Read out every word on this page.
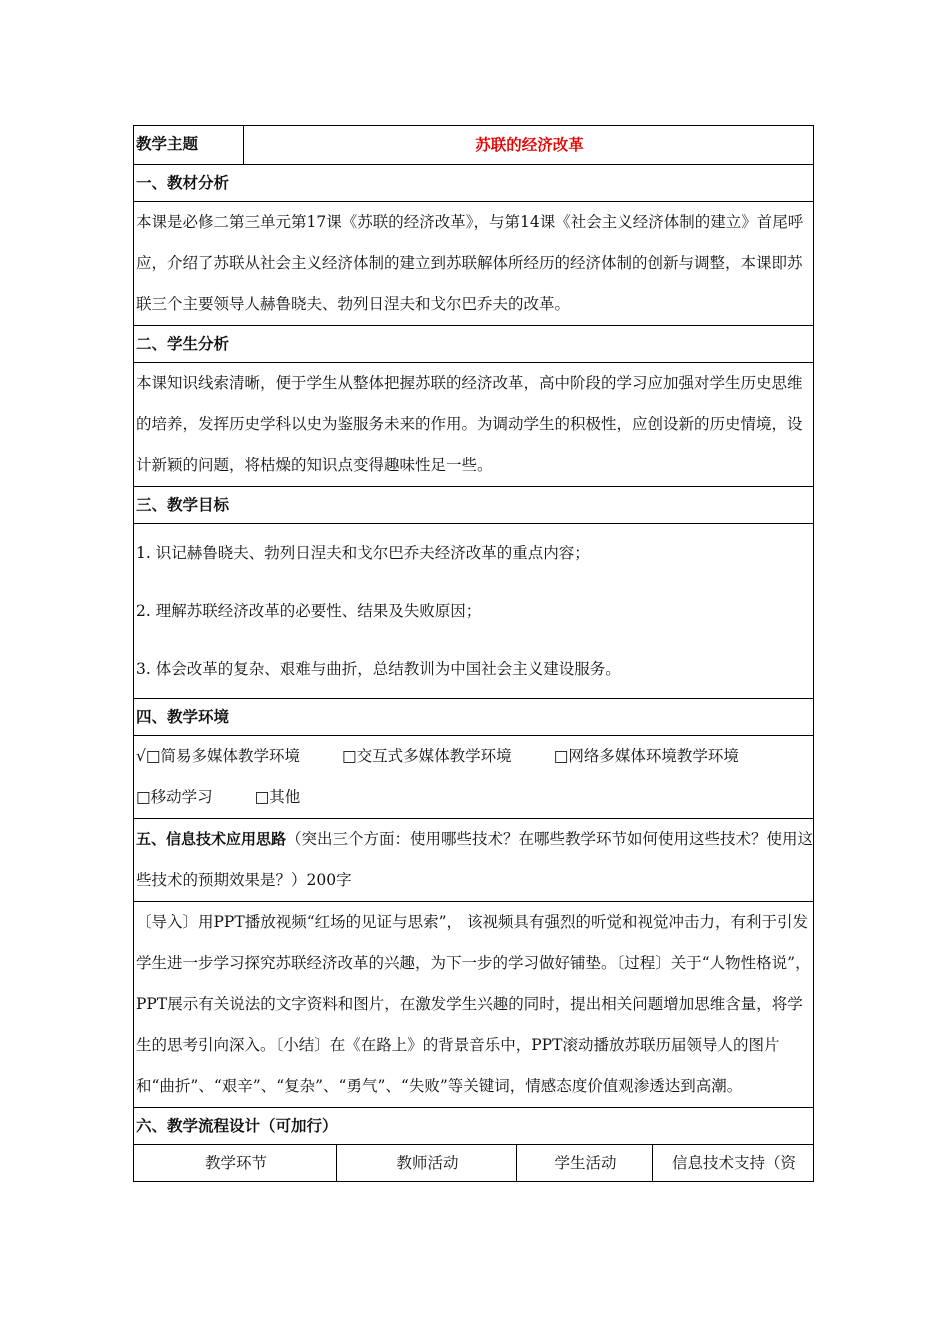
教学主题	苏联的经济改革			
一、教材分析				
本课是必修二第三单元第17课《苏联的经济改革》，与第14课《社会主义经济体制的建立》首尾呼应，介绍了苏联从社会主义经济体制的建立到苏联解体所经历的经济体制的创新与调整，本课即苏联三个主要领导人赫鲁晓夫、勃列日涅夫和戈尔巴乔夫的改革。				
二、学生分析				
本课知识线索清晰，便于学生从整体把握苏联的经济改革，高中阶段的学习应加强对学生历史思维的培养，发挥历史学科以史为鉴服务未来的作用。为调动学生的积极性，应创设新的历史情境，设计新颖的问题，将枯燥的知识点变得趣味性足一些。				
三、教学目标				

1. 识记赫鲁晓夫、勃列日涅夫和戈尔巴乔夫经济改革的重点内容；

2. 理解苏联经济改革的必要性、结果及失败原因；

3. 体会改革的复杂、艰难与曲折，总结教训为中国社会主义建设服务。				

四、教学环境				
√□简易多媒体教学环境 □交互式多媒体教学环境 □网络多媒体环境教学环境□移动学习 □其他				
五、信息技术应用思路（突出三个方面：使用哪些技术？在哪些教学环节如何使用这些技术？使用这些技术的预期效果是？）200字				
〔导入〕用PPT播放视频“红场的见证与思索”， 该视频具有强烈的听觉和视觉冲击力，有利于引发学生进一步学习探究苏联经济改革的兴趣，为下一步的学习做好铺垫。〔过程〕关于“人物性格说”，PPT展示有关说法的文字资料和图片，在激发学生兴趣的同时，提出相关问题增加思维含量，将学生的思考引向深入。〔小结〕在《在路上》的背景音乐中，PPT滚动播放苏联历届领导人的图片和“曲折”、“艰辛”、“复杂”、“勇气”、“失败”等关键词，情感态度价值观渗透达到高潮。				
六、教学流程设计（可加行）				
教学环节		教师活动	学生活动	信息技术支持（资
